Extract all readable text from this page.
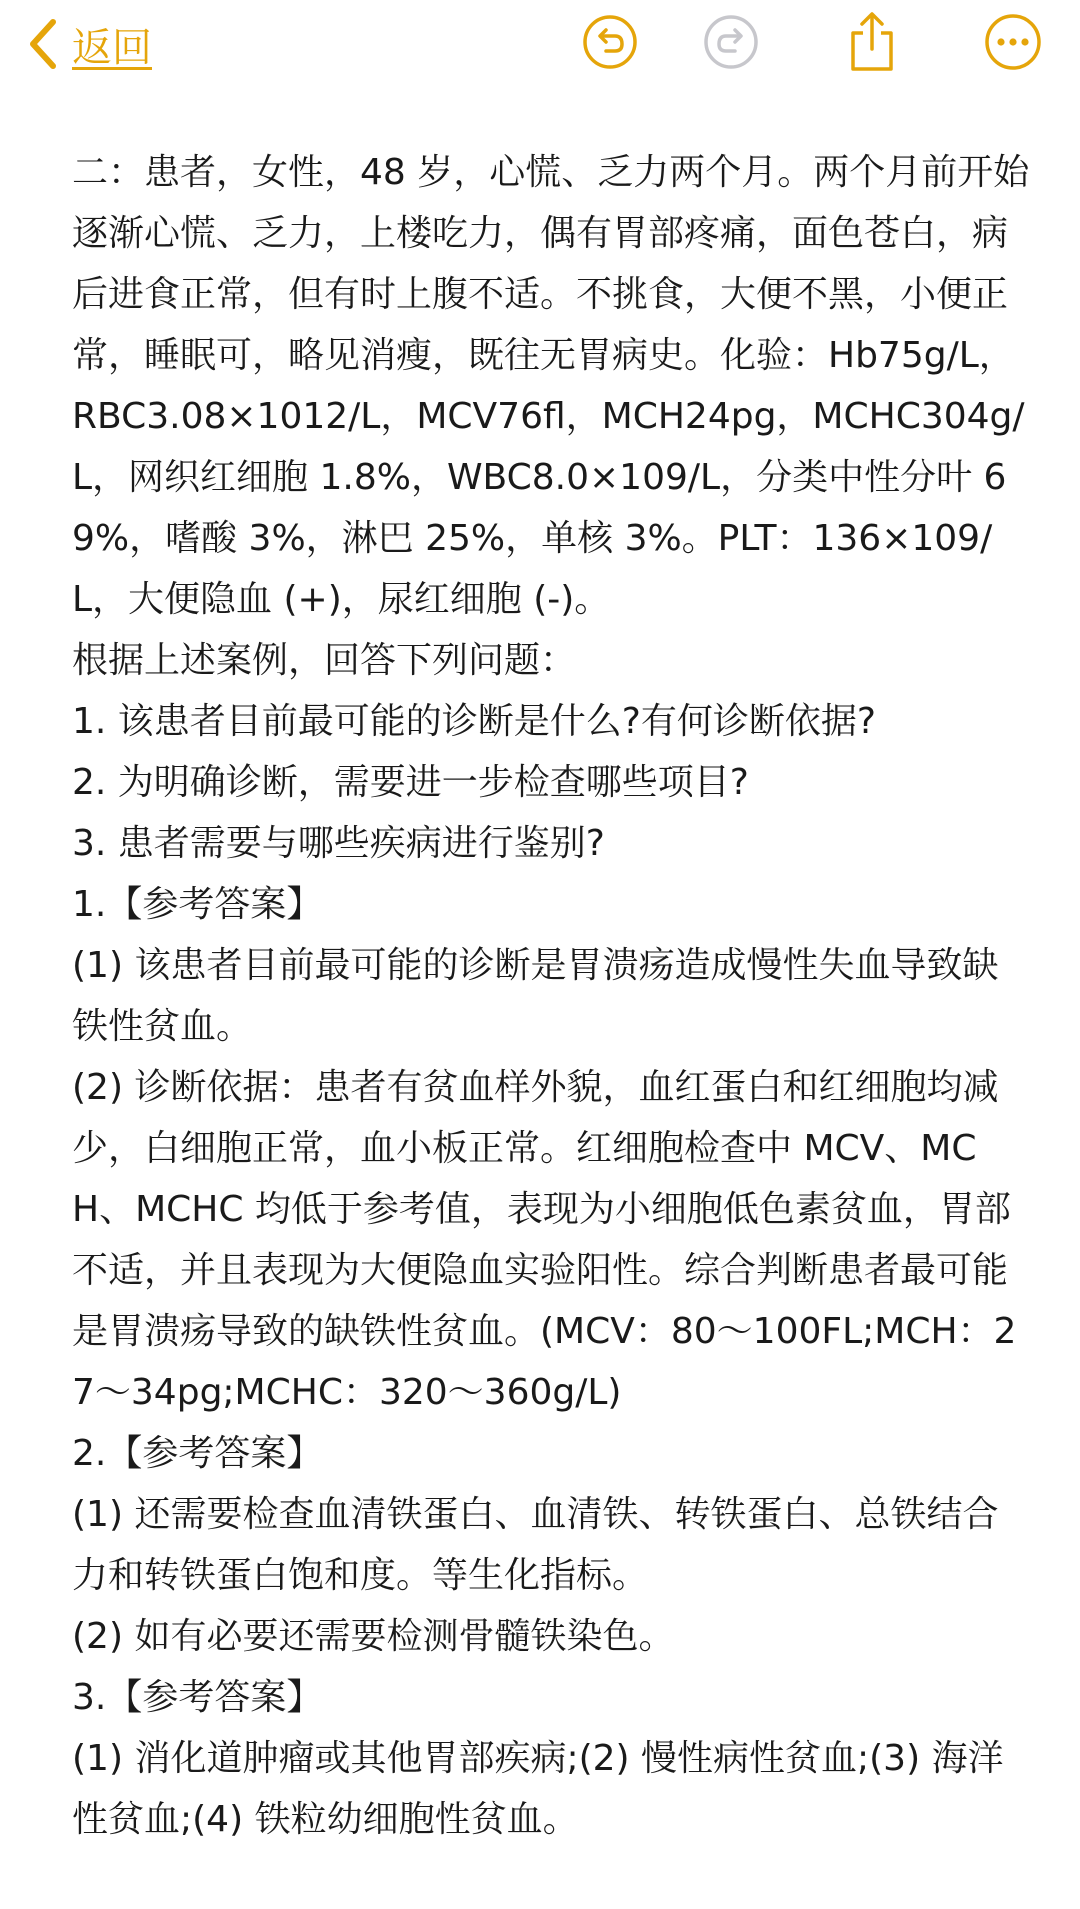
返回

二：患者，女性，48 岁，心慌、乏力两个月。两个月前开始逐渐心慌、乏力，上楼吃力，偶有胃部疼痛，面色苍白，病后进食正常，但有时上腹不适。不挑食，大便不黑，小便正常，睡眠可，略见消瘦，既往无胃病史。化验：Hb75g/L，RBC3.08×1012/L，MCV76fl，MCH24pg，MCHC304g/L，网织红细胞 1.8%，WBC8.0×109/L，分类中性分叶 69%，嗜酸 3%，淋巴 25%，单核 3%。PLT：136×109/L，大便隐血 (+)，尿红细胞 (-)。

根据上述案例，回答下列问题：

1. 该患者目前最可能的诊断是什么?有何诊断依据?

2. 为明确诊断，需要进一步检查哪些项目?

3. 患者需要与哪些疾病进行鉴别?

1.【参考答案】

(1) 该患者目前最可能的诊断是胃溃疡造成慢性失血导致缺铁性贫血。

(2) 诊断依据：患者有贫血样外貌，血红蛋白和红细胞均减少，白细胞正常，血小板正常。红细胞检查中 MCV、MCH、MCHC 均低于参考值，表现为小细胞低色素贫血，胃部不适，并且表现为大便隐血实验阳性。综合判断患者最可能是胃溃疡导致的缺铁性贫血。(MCV：80～100FL;MCH：27～34pg;MCHC：320～360g/L)

2.【参考答案】

(1) 还需要检查血清铁蛋白、血清铁、转铁蛋白、总铁结合力和转铁蛋白饱和度。等生化指标。

(2) 如有必要还需要检测骨髓铁染色。

3.【参考答案】

(1) 消化道肿瘤或其他胃部疾病;(2) 慢性病性贫血;(3) 海洋性贫血;(4) 铁粒幼细胞性贫血。
